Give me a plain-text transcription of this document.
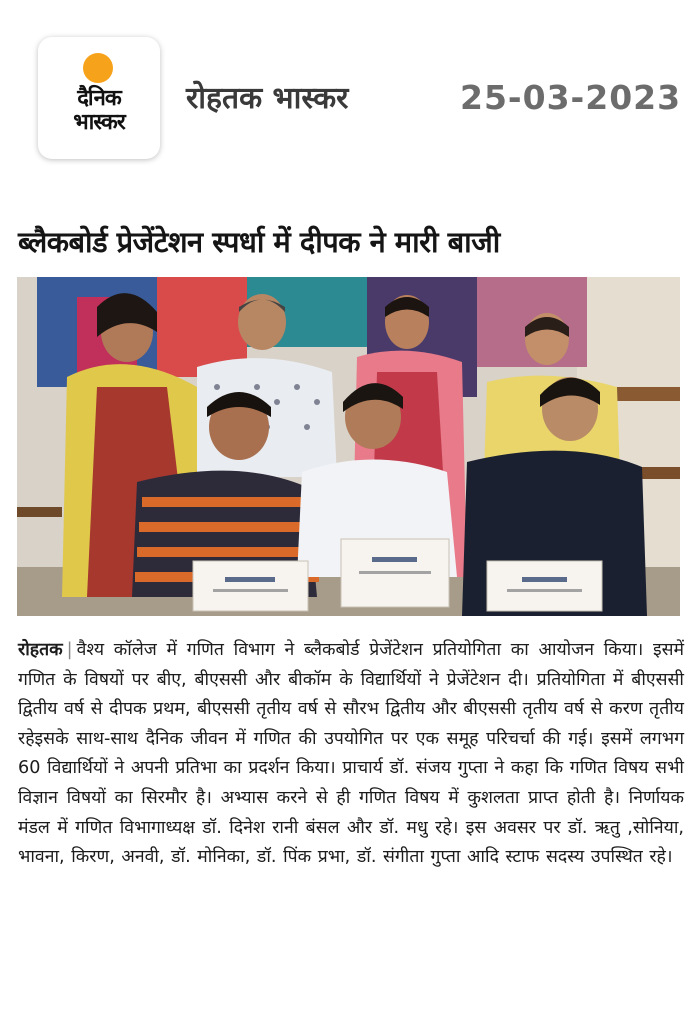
दैनिक
भास्कर
रोहतक भास्कर	25-03-2023
ब्लैकबोर्ड प्रेजेंटेशन स्पर्धा में दीपक ने मारी बाजी
रोहतक | वैश्य कॉलेज में गणित विभाग ने ब्लैकबोर्ड प्रेजेंटेशन प्रतियोगिता का आयोजन किया। इसमें गणित के विषयों पर बीए, बीएससी और बीकॉम के विद्यार्थियों ने प्रेजेंटेशन दी। प्रतियोगिता में बीएससी द्वितीय वर्ष से दीपक प्रथम, बीएससी तृतीय वर्ष से सौरभ द्वितीय और बीएससी तृतीय वर्ष से करण तृतीय रहेइसके साथ-साथ दैनिक जीवन में गणित की उपयोगित पर एक समूह परिचर्चा की गई। इसमें लगभग 60 विद्यार्थियों ने अपनी प्रतिभा का प्रदर्शन किया। प्राचार्य डॉ. संजय गुप्ता ने कहा कि गणित विषय सभी विज्ञान विषयों का सिरमौर है। अभ्यास करने से ही गणित विषय में कुशलता प्राप्त होती है। निर्णायक मंडल में गणित विभागाध्यक्ष डॉ. दिनेश रानी बंसल और डॉ. मधु रहे। इस अवसर पर डॉ. ऋतु ,सोनिया, भावना, किरण, अनवी, डॉ. मोनिका, डॉ. पिंक प्रभा, डॉ. संगीता गुप्ता आदि स्टाफ सदस्य उपस्थित रहे।
